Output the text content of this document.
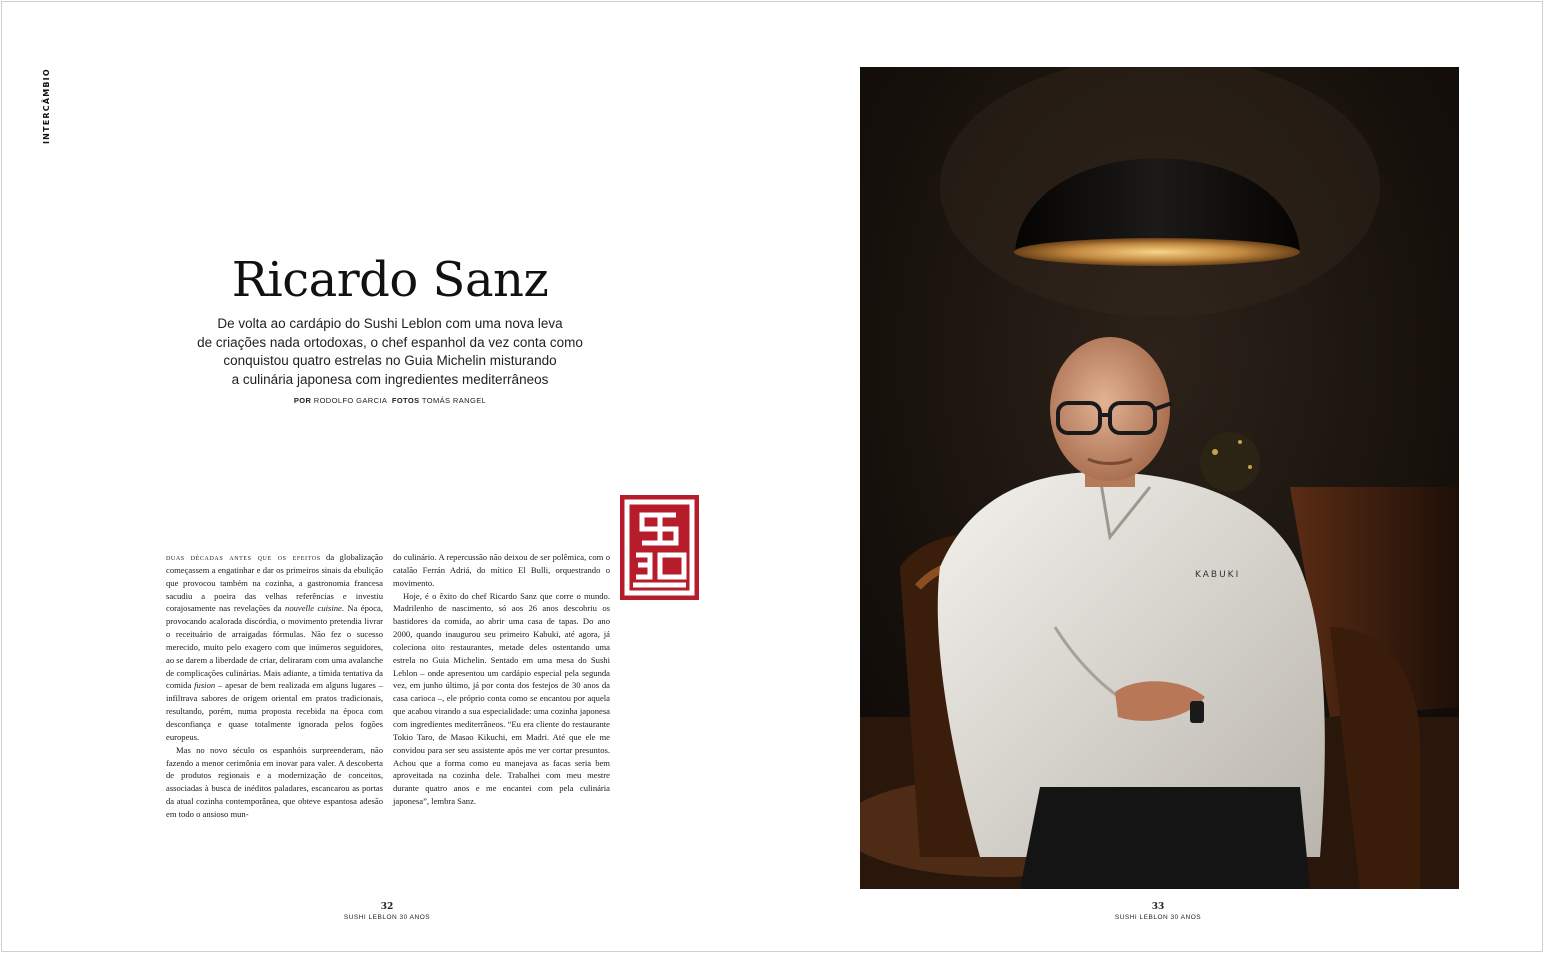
INTERCÂMBIO
Ricardo Sanz

De volta ao cardápio do Sushi Leblon com uma nova leva
de criações nada ortodoxas, o chef espanhol da vez conta como
conquistou quatro estrelas no Guia Michelin misturando
a culinária japonesa com ingredientes mediterrâneos

POR RODOLFO GARCIA FOTOS TOMÁS RANGEL

duas décadas antes que os efeitos da globalização começassem a engatinhar e dar os primeiros sinais da ebulição que provocou também na cozinha, a gastronomia francesa sacudiu a poeira das velhas referências e investiu corajosamente nas revelações da nouvelle cuisine. Na época, provocando acalorada discórdia, o movimento pretendia livrar o receituário de arraigadas fórmulas. Não fez o sucesso merecido, muito pelo exagero com que inúmeros seguidores, ao se darem a liberdade de criar, deliraram com uma avalanche de complicações culinárias. Mais adiante, a tímida tentativa da comida fusion – apesar de bem realizada em alguns lugares – infiltrava sabores de origem oriental em pratos tradicionais, resultando, porém, numa proposta recebida na época com desconfiança e quase totalmente ignorada pelos fogões europeus.

Mas no novo século os espanhóis surpreenderam, não fazendo a menor cerimônia em inovar para valer. A descoberta de produtos regionais e a modernização de conceitos, associadas à busca de inéditos paladares, escancarou as portas da atual cozinha contemporânea, que obteve espantosa adesão em todo o ansioso mun-

do culinário. A repercussão não deixou de ser polêmica, com o catalão Ferrán Adriá, do mítico El Bulli, orquestrando o movimento.

Hoje, é o êxito do chef Ricardo Sanz que corre o mundo. Madrilenho de nascimento, só aos 26 anos descobriu os bastidores da comida, ao abrir uma casa de tapas. Do ano 2000, quando inaugurou seu primeiro Kabuki, até agora, já coleciona oito restaurantes, metade deles ostentando uma estrela no Guia Michelin. Sentado em uma mesa do Sushi Leblon – onde apresentou um cardápio especial pela segunda vez, em junho último, já por conta dos festejos de 30 anos da casa carioca –, ele próprio conta como se encantou por aquela que acabou virando a sua especialidade: uma cozinha japonesa com ingredientes mediterrâneos. “Eu era cliente do restaurante Tokio Taro, de Masao Kikuchi, em Madri. Até que ele me convidou para ser seu assistente após me ver cortar presuntos. Achou que a forma como eu manejava as facas seria bem aproveitada na cozinha dele. Trabalhei com meu mestre durante quatro anos e me encantei com pela culinária japonesa”, lembra Sanz.

32
SUSHI LEBLON 30 ANOS
33
SUSHI LEBLON 30 ANOS
KABUKI
